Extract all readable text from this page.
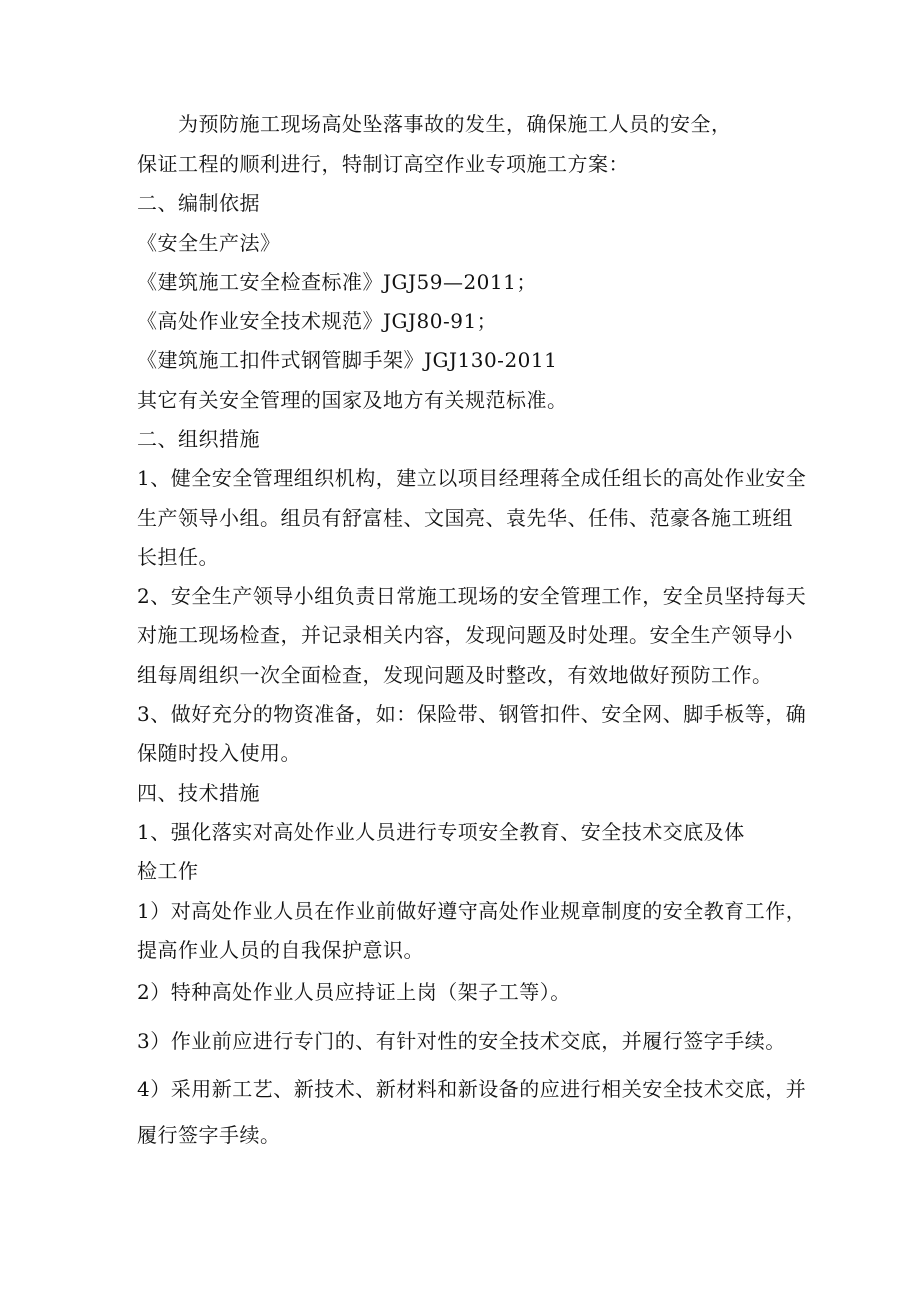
为预防施工现场高处坠落事故的发生，确保施工人员的安全，
保证工程的顺利进行，特制订高空作业专项施工方案：
二、编制依据
《安全生产法》
《建筑施工安全检查标准》JGJ59—2011；
《高处作业安全技术规范》JGJ80-91；
《建筑施工扣件式钢管脚手架》JGJ130-2011
其它有关安全管理的国家及地方有关规范标准。
二、组织措施
1、健全安全管理组织机构，建立以项目经理蒋全成任组长的高处作业安全
生产领导小组。组员有舒富桂、文国亮、袁先华、任伟、范豪各施工班组
长担任。
2、安全生产领导小组负责日常施工现场的安全管理工作，安全员坚持每天
对施工现场检查，并记录相关内容，发现问题及时处理。安全生产领导小
组每周组织一次全面检查，发现问题及时整改，有效地做好预防工作。
3、做好充分的物资准备，如：保险带、钢管扣件、安全网、脚手板等，确
保随时投入使用。
四、技术措施
1、强化落实对高处作业人员进行专项安全教育、安全技术交底及体
检工作
1）对高处作业人员在作业前做好遵守高处作业规章制度的安全教育工作，
提高作业人员的自我保护意识。
2）特种高处作业人员应持证上岗（架子工等）。
3）作业前应进行专门的、有针对性的安全技术交底，并履行签字手续。
4）采用新工艺、新技术、新材料和新设备的应进行相关安全技术交底，并
履行签字手续。
